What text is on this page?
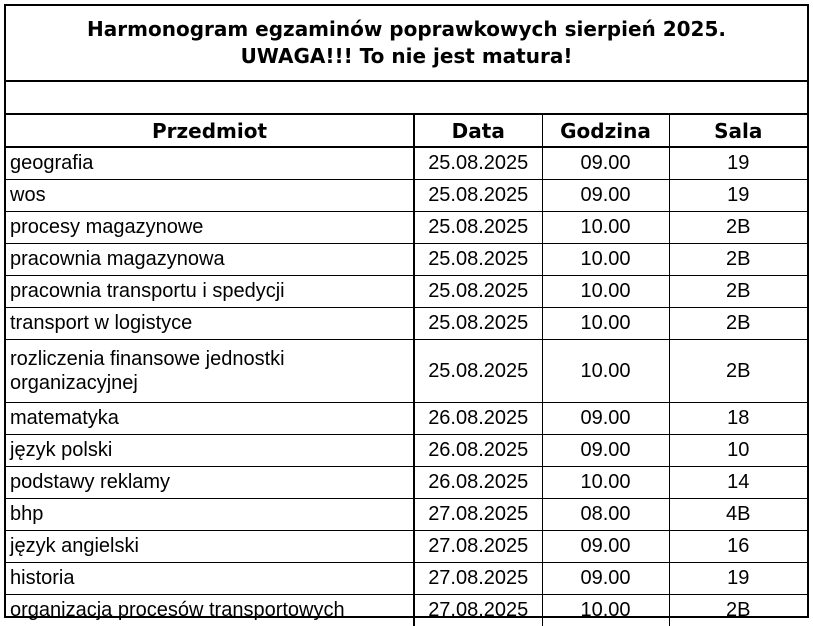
Harmonogram egzaminów poprawkowych sierpień 2025.
UWAGA!!! To nie jest matura!
Przedmiot	Data	Godzina	Sala
geografia	25.08.2025	09.00	19
wos	25.08.2025	09.00	19
procesy magazynowe	25.08.2025	10.00	2B
pracownia magazynowa	25.08.2025	10.00	2B
pracownia transportu i spedycji	25.08.2025	10.00	2B
transport w logistyce	25.08.2025	10.00	2B
rozliczenia finansowe jednostki organizacyjnej	25.08.2025	10.00	2B
matematyka	26.08.2025	09.00	18
język polski	26.08.2025	09.00	10
podstawy reklamy	26.08.2025	10.00	14
bhp	27.08.2025	08.00	4B
język angielski	27.08.2025	09.00	16
historia	27.08.2025	09.00	19
organizacja procesów transportowych	27.08.2025	10.00	2B
